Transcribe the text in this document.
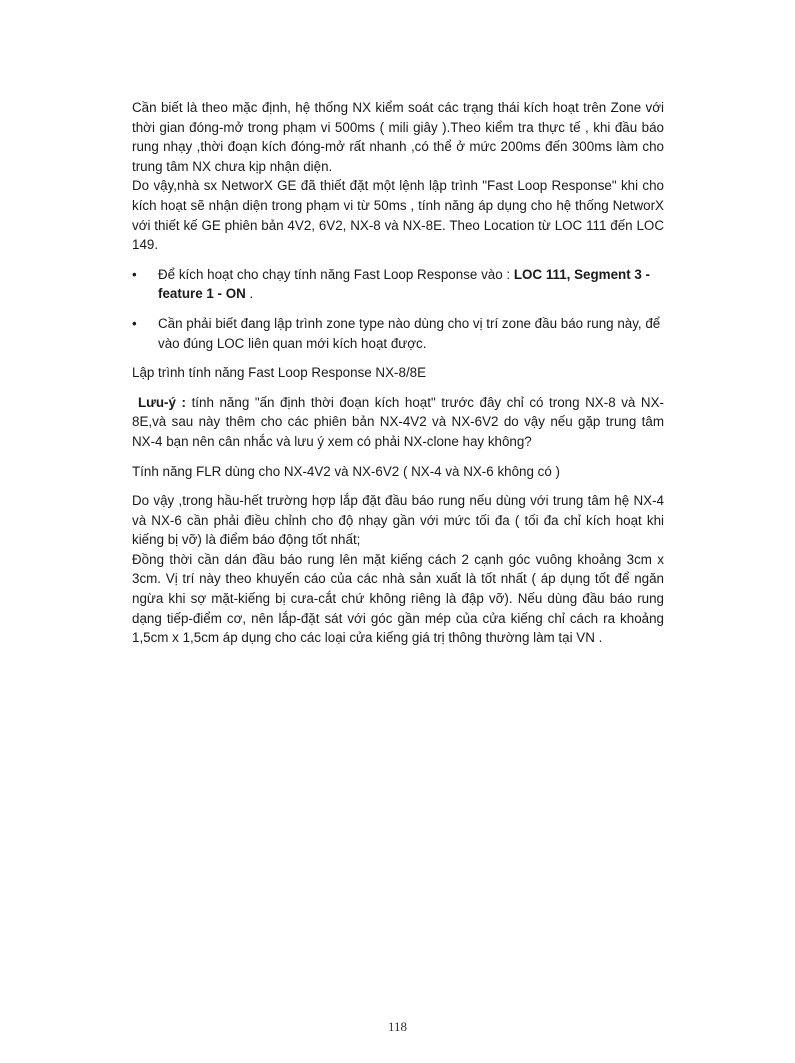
Cần biết là theo mặc định, hệ thống NX kiểm soát các trạng thái kích hoạt trên Zone với thời gian đóng-mở trong phạm vi 500ms ( mili giây ).Theo kiểm tra thực tế , khi đầu báo rung nhạy ,thời đoạn kích đóng-mở rất nhanh ,có thể ở mức 200ms đến 300ms làm cho trung tâm NX chưa kịp nhận diện.

Do vậy,nhà sx NetworX GE đã thiết đặt một lệnh lập trình "Fast Loop Response" khi cho kích hoạt sẽ nhận diện trong phạm vi từ 50ms , tính năng áp dụng cho hệ thống NetworX với thiết kế GE phiên bản 4V2, 6V2, NX-8 và NX-8E. Theo Location từ LOC 111 đến LOC 149.

• Để kích hoạt cho chạy tính năng Fast Loop Response vào : LOC 111, Segment 3 -feature 1 - ON .
• Cần phải biết đang lập trình zone type nào dùng cho vị trí zone đầu báo rung này, để vào đúng LOC liên quan mới kích hoạt được.

Lập trình tính năng Fast Loop Response NX-8/8E

Lưu-ý : tính năng "ấn định thời đoạn kích hoạt" trước đây chỉ có trong NX-8 và NX-8E,và sau này thêm cho các phiên bản NX-4V2 và NX-6V2 do vậy nếu gặp trung tâm NX-4 bạn nên cân nhắc và lưu ý xem có phải NX-clone hay không?

Tính năng FLR dùng cho NX-4V2 và NX-6V2 ( NX-4 và NX-6 không có )

Do vậy ,trong hầu-hết trường hợp lắp đặt đầu báo rung nếu dùng với trung tâm hệ NX-4 và NX-6 cần phải điều chỉnh cho độ nhạy gần với mức tối đa ( tối đa chỉ kích hoạt khi kiếng bị vỡ) là điểm báo động tốt nhất;

Đồng thời cần dán đầu báo rung lên mặt kiếng cách 2 cạnh góc vuông khoảng 3cm x 3cm. Vị trí này theo khuyến cáo của các nhà sản xuất là tốt nhất ( áp dụng tốt để ngăn ngừa khi sợ mặt-kiếng bị cưa-cắt chứ không riêng là đập vỡ). Nếu dùng đầu báo rung dạng tiếp-điểm cơ, nên lắp-đặt sát với góc gần mép của cửa kiếng chỉ cách ra khoảng 1,5cm x 1,5cm áp dụng cho các loại cửa kiếng giá trị thông thường làm tại VN .

118
